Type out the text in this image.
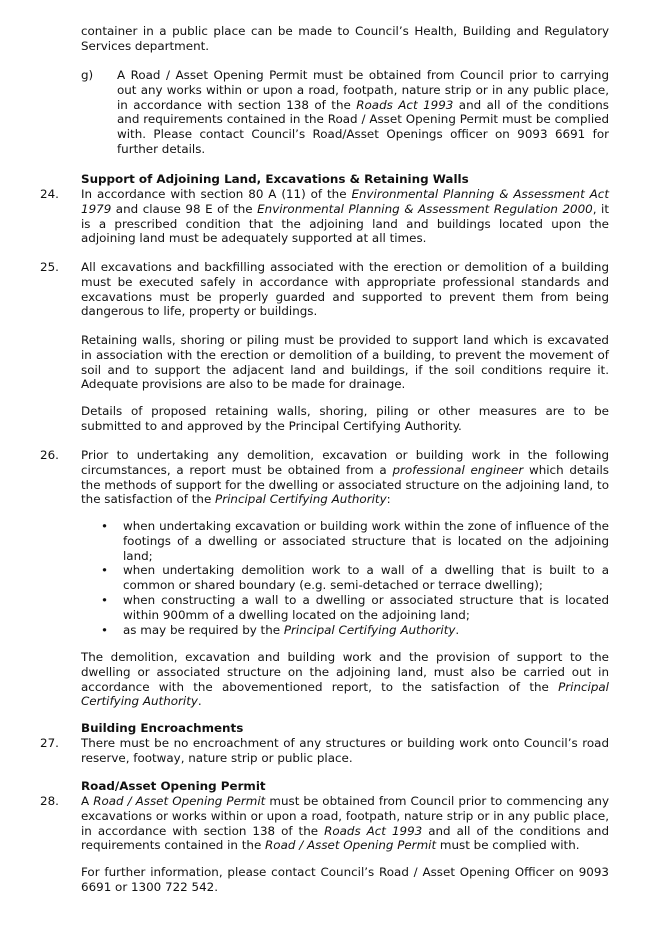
container in a public place can be made to Council’s Health, Building and Regulatory Services department.

g) A Road / Asset Opening Permit must be obtained from Council prior to carrying out any works within or upon a road, footpath, nature strip or in any public place, in accordance with section 138 of the Roads Act 1993 and all of the conditions and requirements contained in the Road / Asset Opening Permit must be complied with. Please contact Council’s Road/Asset Openings officer on 9093 6691 for further details.

Support of Adjoining Land, Excavations & Retaining Walls
24. In accordance with section 80 A (11) of the Environmental Planning & Assessment Act 1979 and clause 98 E of the Environmental Planning & Assessment Regulation 2000, it is a prescribed condition that the adjoining land and buildings located upon the adjoining land must be adequately supported at all times.

25. All excavations and backfilling associated with the erection or demolition of a building must be executed safely in accordance with appropriate professional standards and excavations must be properly guarded and supported to prevent them from being dangerous to life, property or buildings.

Retaining walls, shoring or piling must be provided to support land which is excavated in association with the erection or demolition of a building, to prevent the movement of soil and to support the adjacent land and buildings, if the soil conditions require it. Adequate provisions are also to be made for drainage.

Details of proposed retaining walls, shoring, piling or other measures are to be submitted to and approved by the Principal Certifying Authority.

26. Prior to undertaking any demolition, excavation or building work in the following circumstances, a report must be obtained from a professional engineer which details the methods of support for the dwelling or associated structure on the adjoining land, to the satisfaction of the Principal Certifying Authority:

• when undertaking excavation or building work within the zone of influence of the footings of a dwelling or associated structure that is located on the adjoining land;
• when undertaking demolition work to a wall of a dwelling that is built to a common or shared boundary (e.g. semi-detached or terrace dwelling);
• when constructing a wall to a dwelling or associated structure that is located within 900mm of a dwelling located on the adjoining land;
• as may be required by the Principal Certifying Authority.

The demolition, excavation and building work and the provision of support to the dwelling or associated structure on the adjoining land, must also be carried out in accordance with the abovementioned report, to the satisfaction of the Principal Certifying Authority.

Building Encroachments
27. There must be no encroachment of any structures or building work onto Council’s road reserve, footway, nature strip or public place.

Road/Asset Opening Permit
28. A Road / Asset Opening Permit must be obtained from Council prior to commencing any excavations or works within or upon a road, footpath, nature strip or in any public place, in accordance with section 138 of the Roads Act 1993 and all of the conditions and requirements contained in the Road / Asset Opening Permit must be complied with.

For further information, please contact Council’s Road / Asset Opening Officer on 9093 6691 or 1300 722 542.
